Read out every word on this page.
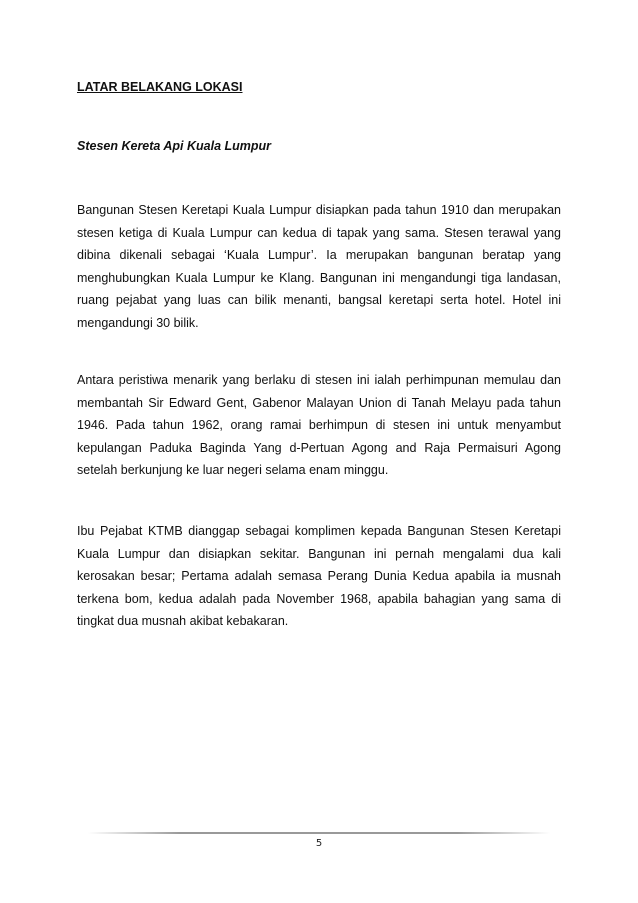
LATAR BELAKANG LOKASI
Stesen Kereta Api Kuala Lumpur

Bangunan Stesen Keretapi Kuala Lumpur disiapkan pada tahun 1910 dan merupakan stesen ketiga di Kuala Lumpur can kedua di tapak yang sama. Stesen terawal yang dibina dikenali sebagai ‘Kuala Lumpur’. Ia merupakan bangunan beratap yang menghubungkan Kuala Lumpur ke Klang. Bangunan ini mengandungi tiga landasan, ruang pejabat yang luas can bilik menanti, bangsal keretapi serta hotel. Hotel ini mengandungi 30 bilik.

Antara peristiwa menarik yang berlaku di stesen ini ialah perhimpunan memulau dan membantah Sir Edward Gent, Gabenor Malayan Union di Tanah Melayu pada tahun 1946. Pada tahun 1962, orang ramai berhimpun di stesen ini untuk menyambut kepulangan Paduka Baginda Yang d-Pertuan Agong and Raja Permaisuri Agong setelah berkunjung ke luar negeri selama enam minggu.

Ibu Pejabat KTMB dianggap sebagai komplimen kepada Bangunan Stesen Keretapi Kuala Lumpur dan disiapkan sekitar. Bangunan ini pernah mengalami dua kali kerosakan besar; Pertama adalah semasa Perang Dunia Kedua apabila ia musnah terkena bom, kedua adalah pada November 1968, apabila bahagian yang sama di tingkat dua musnah akibat kebakaran.

5
